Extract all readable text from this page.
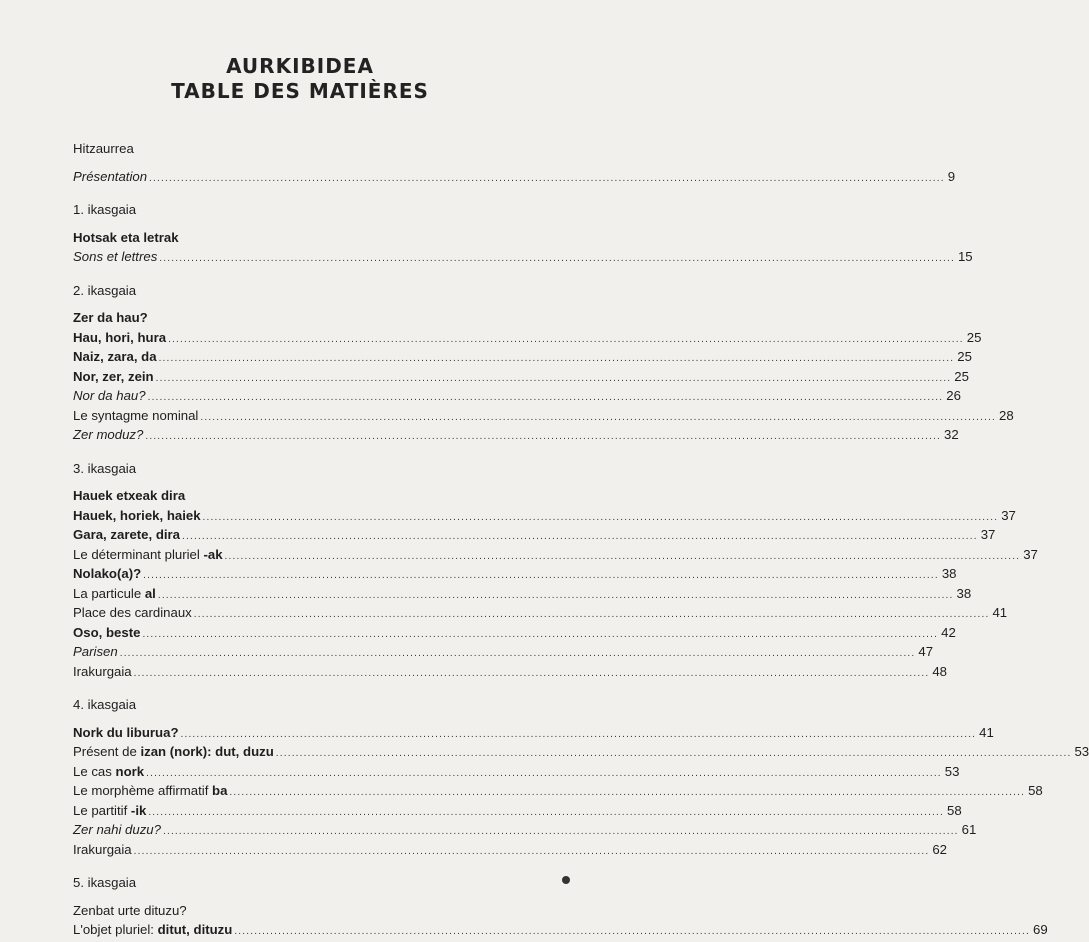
AURKIBIDEA
TABLE DES MATIÈRES
Hitzaurrea
Présentation ........................................................................................................................................................................................................ 9
1. ikasgaia
Hotsak eta letrak
Sons et lettres ........................................................................................................................................................................................................ 15
2. ikasgaia
Zer da hau?
Hau, hori, hura ........................................................................................................................................................................................................ 25
Naiz, zara, da ........................................................................................................................................................................................................ 25
Nor, zer, zein ........................................................................................................................................................................................................ 25
Nor da hau? ........................................................................................................................................................................................................ 26
Le syntagme nominal ........................................................................................................................................................................................................ 28
Zer moduz? ........................................................................................................................................................................................................ 32
3. ikasgaia
Hauek etxeak dira
Hauek, horiek, haiek ........................................................................................................................................................................................................ 37
Gara, zarete, dira ........................................................................................................................................................................................................ 37
Le déterminant pluriel -ak ........................................................................................................................................................................................................ 37
Nolako(a)? ........................................................................................................................................................................................................ 38
La particule al ........................................................................................................................................................................................................ 38
Place des cardinaux ........................................................................................................................................................................................................ 41
Oso, beste ........................................................................................................................................................................................................ 42
Parisen ........................................................................................................................................................................................................ 47
Irakurgaia ........................................................................................................................................................................................................ 48
4. ikasgaia
Nork du liburua? ........................................................................................................................................................................................................ 41
Présent de izan (nork): dut, duzu ........................................................................................................................................................................................................ 53
Le cas nork ........................................................................................................................................................................................................ 53
Le morphème affirmatif ba ........................................................................................................................................................................................................ 58
Le partitif -ik ........................................................................................................................................................................................................ 58
Zer nahi duzu? ........................................................................................................................................................................................................ 61
Irakurgaia ........................................................................................................................................................................................................ 62
5. ikasgaia
Zenbat urte dituzu?
L'objet pluriel: ditut, dituzu ........................................................................................................................................................................................................ 69
